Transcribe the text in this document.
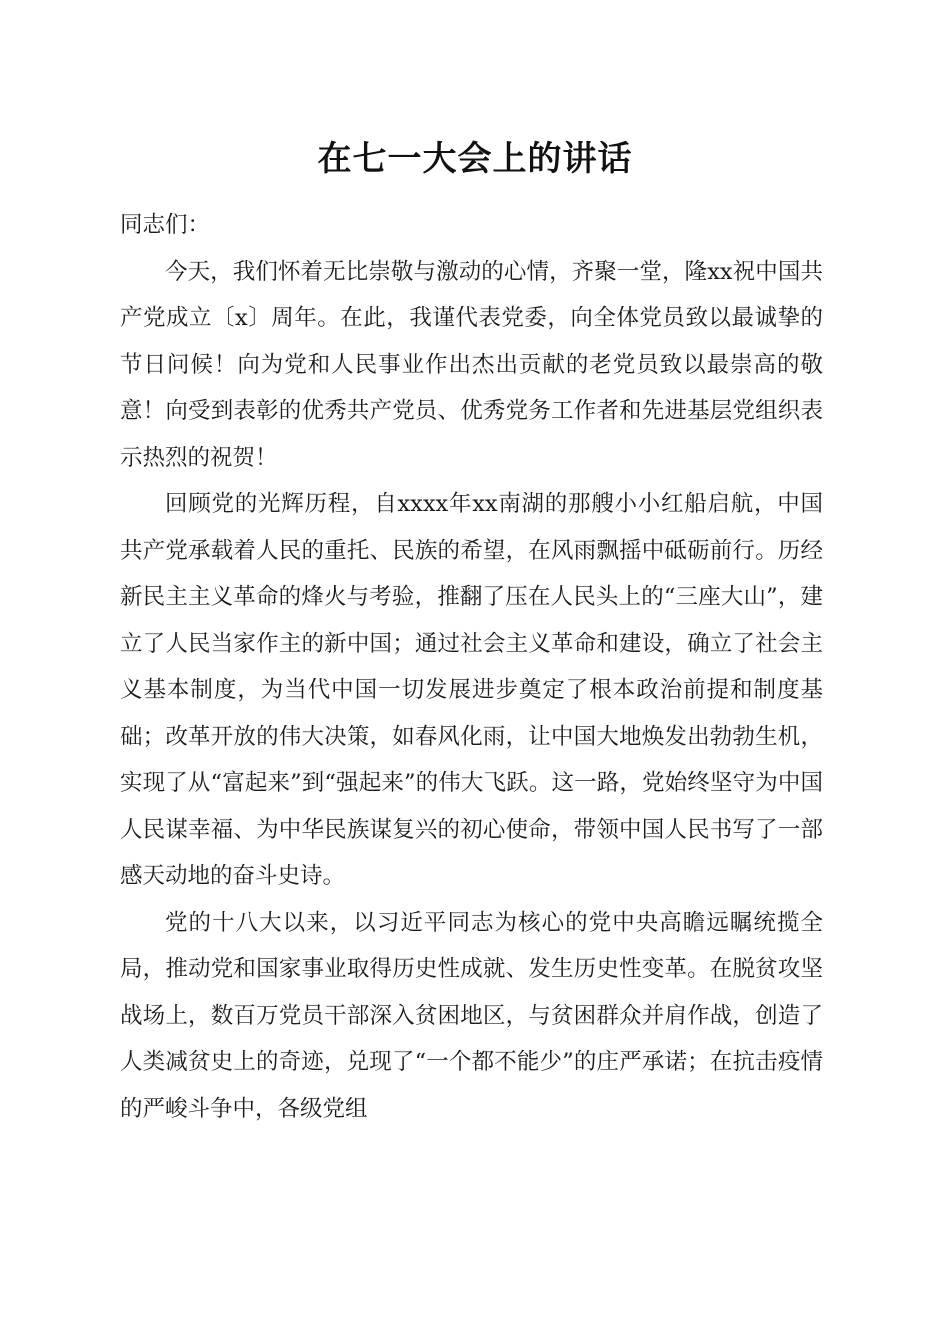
在七一大会上的讲话

同志们：

今天，我们怀着无比崇敬与激动的心情，齐聚一堂，隆xx祝中国共产党成立〔x〕周年。在此，我谨代表党委，向全体党员致以最诚挚的节日问候！向为党和人民事业作出杰出贡献的老党员致以最崇高的敬意！向受到表彰的优秀共产党员、优秀党务工作者和先进基层党组织表示热烈的祝贺！

回顾党的光辉历程，自xxxx年xx南湖的那艘小小红船启航，中国共产党承载着人民的重托、民族的希望，在风雨飘摇中砥砺前行。历经新民主主义革命的烽火与考验，推翻了压在人民头上的“三座大山”，建立了人民当家作主的新中国；通过社会主义革命和建设，确立了社会主义基本制度，为当代中国一切发展进步奠定了根本政治前提和制度基础；改革开放的伟大决策，如春风化雨，让中国大地焕发出勃勃生机，实现了从“富起来”到“强起来”的伟大飞跃。这一路，党始终坚守为中国人民谋幸福、为中华民族谋复兴的初心使命，带领中国人民书写了一部感天动地的奋斗史诗。

党的十八大以来，以习近平同志为核心的党中央高瞻远瞩统揽全局，推动党和国家事业取得历史性成就、发生历史性变革。在脱贫攻坚战场上，数百万党员干部深入贫困地区，与贫困群众并肩作战，创造了人类减贫史上的奇迹，兑现了“一个都不能少”的庄严承诺；在抗击疫情的严峻斗争中，各级党组
